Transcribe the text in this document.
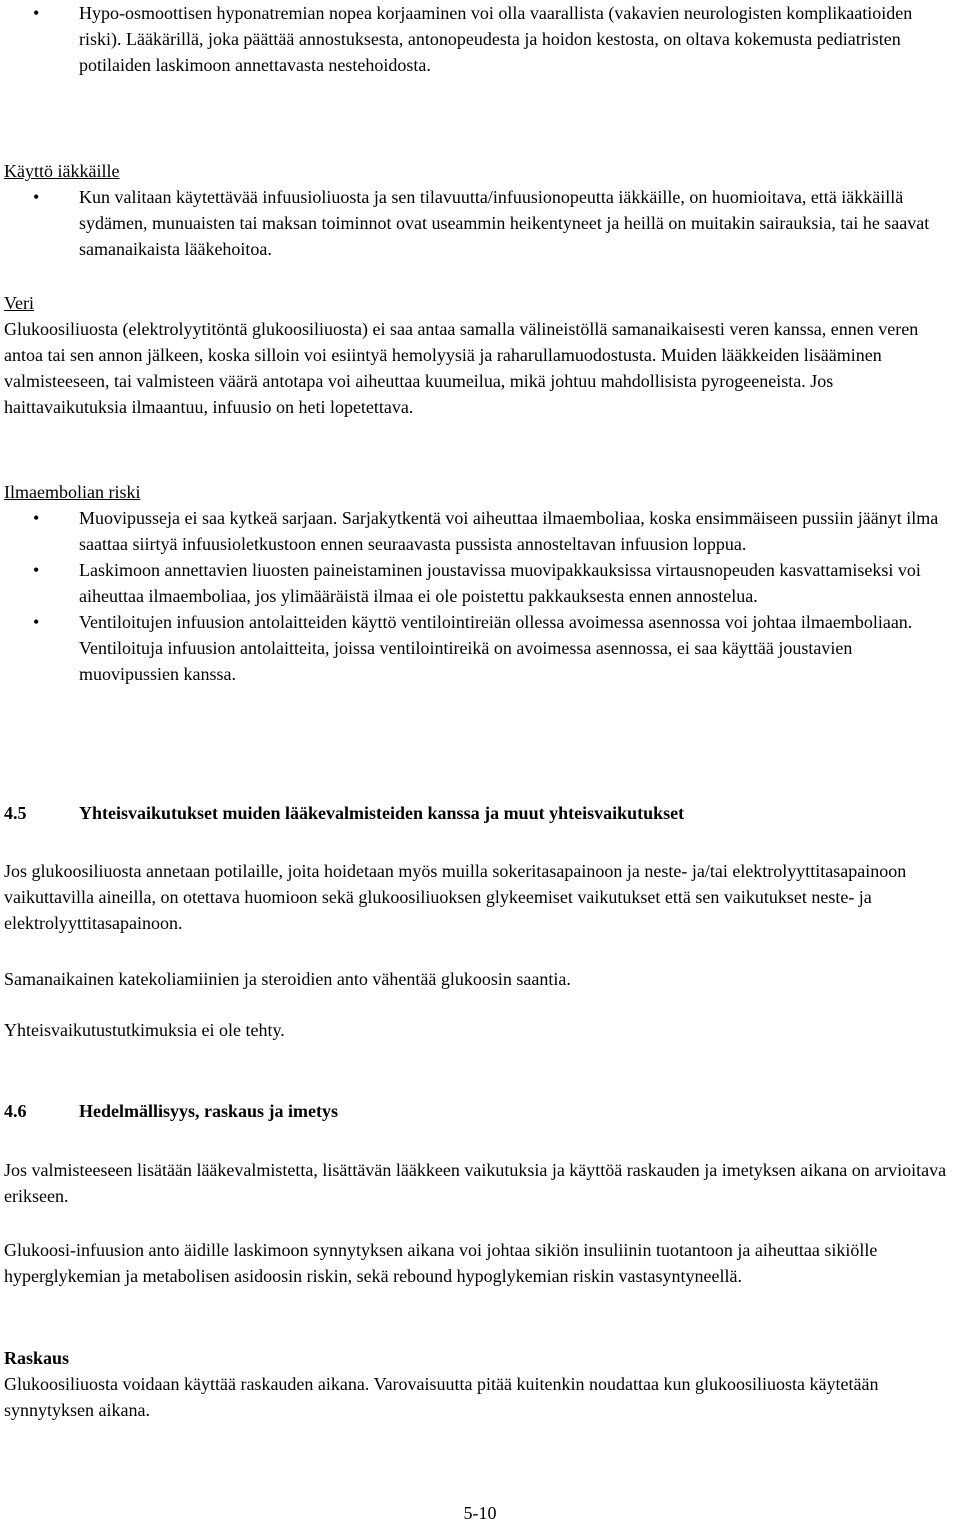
• Hypo-osmoottisen hyponatremian nopea korjaaminen voi olla vaarallista (vakavien neurologisten komplikaatioiden riski). Lääkärillä, joka päättää annostuksesta, antonopeudesta ja hoidon kestosta, on oltava kokemusta pediatristen potilaiden laskimoon annettavasta nestehoidosta.

Käyttö iäkkäille

• Kun valitaan käytettävää infuusioliuosta ja sen tilavuutta/infuusionopeutta iäkkäille, on huomioitava, että iäkkäillä sydämen, munuaisten tai maksan toiminnot ovat useammin heikentyneet ja heillä on muitakin sairauksia, tai he saavat samanaikaista lääkehoitoa.

Veri

Glukoosiliuosta (elektrolyytitöntä glukoosiliuosta) ei saa antaa samalla välineistöllä samanaikaisesti veren kanssa, ennen veren antoa tai sen annon jälkeen, koska silloin voi esiintyä hemolyysiä ja raharullamuodostusta. Muiden lääkkeiden lisääminen valmisteeseen, tai valmisteen väärä antotapa voi aiheuttaa kuumeilua, mikä johtuu mahdollisista pyrogeeneista. Jos haittavaikutuksia ilmaantuu, infuusio on heti lopetettava.

Ilmaembolian riski

• Muovipusseja ei saa kytkeä sarjaan. Sarjakytkentä voi aiheuttaa ilmaemboliaa, koska ensimmäiseen pussiin jäänyt ilma saattaa siirtyä infuusioletkustoon ennen seuraavasta pussista annosteltavan infuusion loppua.
• Laskimoon annettavien liuosten paineistaminen joustavissa muovipakkauksissa virtausnopeuden kasvattamiseksi voi aiheuttaa ilmaemboliaa, jos ylimääräistä ilmaa ei ole poistettu pakkauksesta ennen annostelua.
• Ventiloitujen infuusion antolaitteiden käyttö ventilointireiän ollessa avoimessa asennossa voi johtaa ilmaemboliaan. Ventiloituja infuusion antolaitteita, joissa ventilointireikä on avoimessa asennossa, ei saa käyttää joustavien muovipussien kanssa.

4.5	Yhteisvaikutukset muiden lääkevalmisteiden kanssa ja muut yhteisvaikutukset

Jos glukoosiliuosta annetaan potilaille, joita hoidetaan myös muilla sokeritasapainoon ja neste- ja/tai elektrolyyttitasapainoon vaikuttavilla aineilla, on otettava huomioon sekä glukoosiliuoksen glykeemiset vaikutukset että sen vaikutukset neste- ja elektrolyyttitasapainoon.

Samanaikainen katekoliamiinien ja steroidien anto vähentää glukoosin saantia.

Yhteisvaikutustutkimuksia ei ole tehty.

4.6	Hedelmällisyys, raskaus ja imetys

Jos valmisteeseen lisätään lääkevalmistetta, lisättävän lääkkeen vaikutuksia ja käyttöä raskauden ja imetyksen aikana on arvioitava erikseen.

Glukoosi-infuusion anto äidille laskimoon synnytyksen aikana voi johtaa sikiön insuliinin tuotantoon ja aiheuttaa sikiölle hyperglykemian ja metabolisen asidoosin riskin, sekä rebound hypoglykemian riskin vastasyntyneellä.

Raskaus

Glukoosiliuosta voidaan käyttää raskauden aikana. Varovaisuutta pitää kuitenkin noudattaa kun glukoosiliuosta käytetään synnytyksen aikana.

5-10
